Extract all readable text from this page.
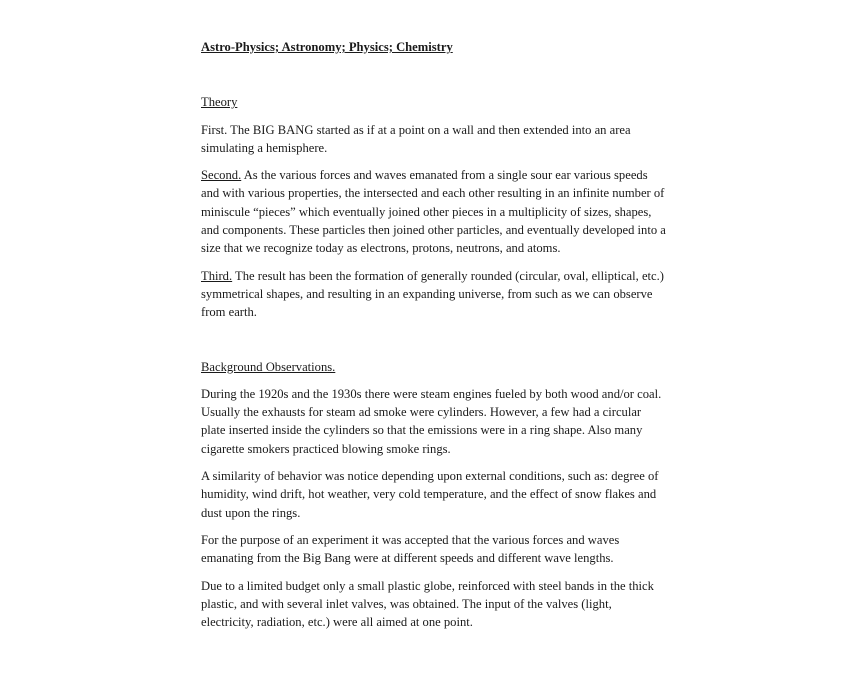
Astro-Physics; Astronomy; Physics; Chemistry

Theory

First. The BIG BANG started as if at a point on a wall and then extended into an area simulating a hemisphere.

Second. As the various forces and waves emanated from a single sour ear various speeds and with various properties, the intersected and each other resulting in an infinite number of miniscule “pieces” which eventually joined other pieces in a multiplicity of sizes, shapes, and components. These particles then joined other particles, and eventually developed into a size that we recognize today as electrons, protons, neutrons, and atoms.

Third. The result has been the formation of generally rounded (circular, oval, elliptical, etc.) symmetrical shapes, and resulting in an expanding universe, from such as we can observe from earth.

Background Observations.

During the 1920s and the 1930s there were steam engines fueled by both wood and/or coal. Usually the exhausts for steam ad smoke were cylinders. However, a few had a circular plate inserted inside the cylinders so that the emissions were in a ring shape. Also many cigarette smokers practiced blowing smoke rings.

A similarity of behavior was notice depending upon external conditions, such as: degree of humidity, wind drift, hot weather, very cold temperature, and the effect of snow flakes and dust upon the rings.

For the purpose of an experiment it was accepted that the various forces and waves emanating from the Big Bang were at different speeds and different wave lengths.

Due to a limited budget only a small plastic globe, reinforced with steel bands in the thick plastic, and with several inlet valves, was obtained. The input of the valves (light, electricity, radiation, etc.) were all aimed at one point.
